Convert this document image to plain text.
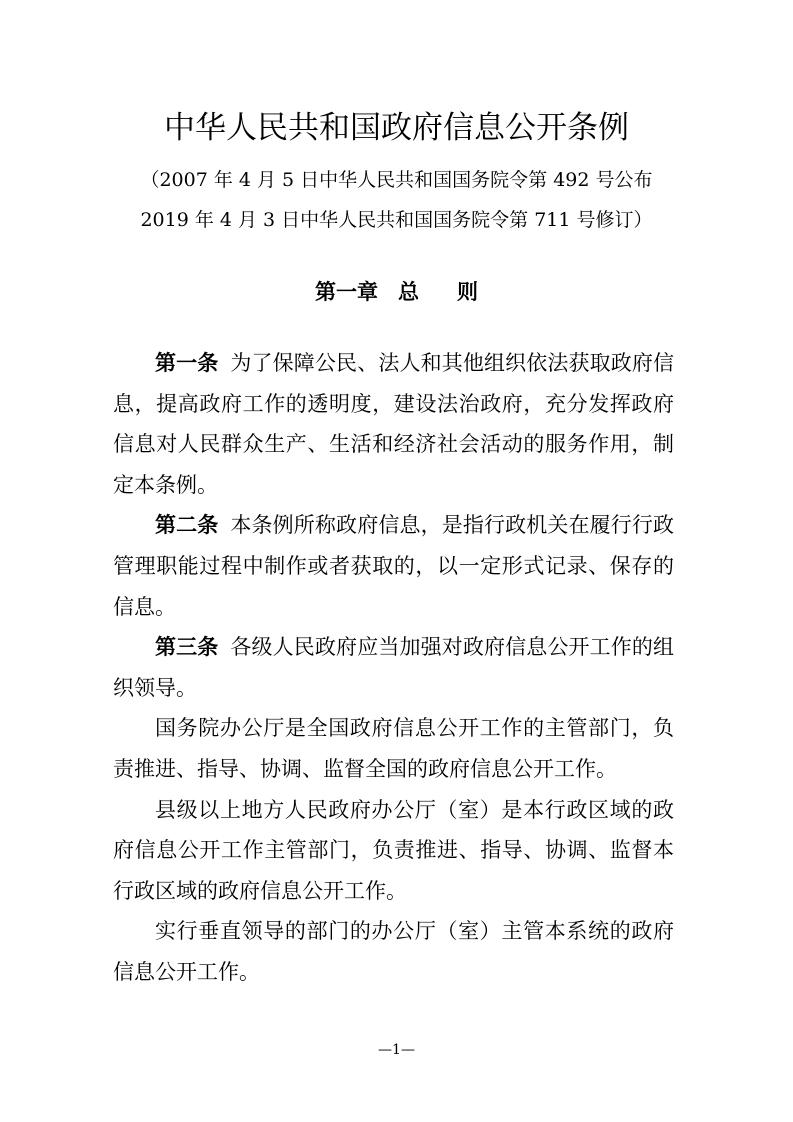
中华人民共和国政府信息公开条例
（2007 年 4 月 5 日中华人民共和国国务院令第 492 号公布
2019 年 4 月 3 日中华人民共和国国务院令第 711 号修订）
第一章 总 则

第一条 为了保障公民、法人和其他组织依法获取政府信息，提高政府工作的透明度，建设法治政府，充分发挥政府信息对人民群众生产、生活和经济社会活动的服务作用，制定本条例。

第二条 本条例所称政府信息，是指行政机关在履行行政管理职能过程中制作或者获取的，以一定形式记录、保存的信息。

第三条 各级人民政府应当加强对政府信息公开工作的组织领导。

国务院办公厅是全国政府信息公开工作的主管部门，负责推进、指导、协调、监督全国的政府信息公开工作。

县级以上地方人民政府办公厅（室）是本行政区域的政府信息公开工作主管部门，负责推进、指导、协调、监督本行政区域的政府信息公开工作。

实行垂直领导的部门的办公厅（室）主管本系统的政府信息公开工作。

—1—
